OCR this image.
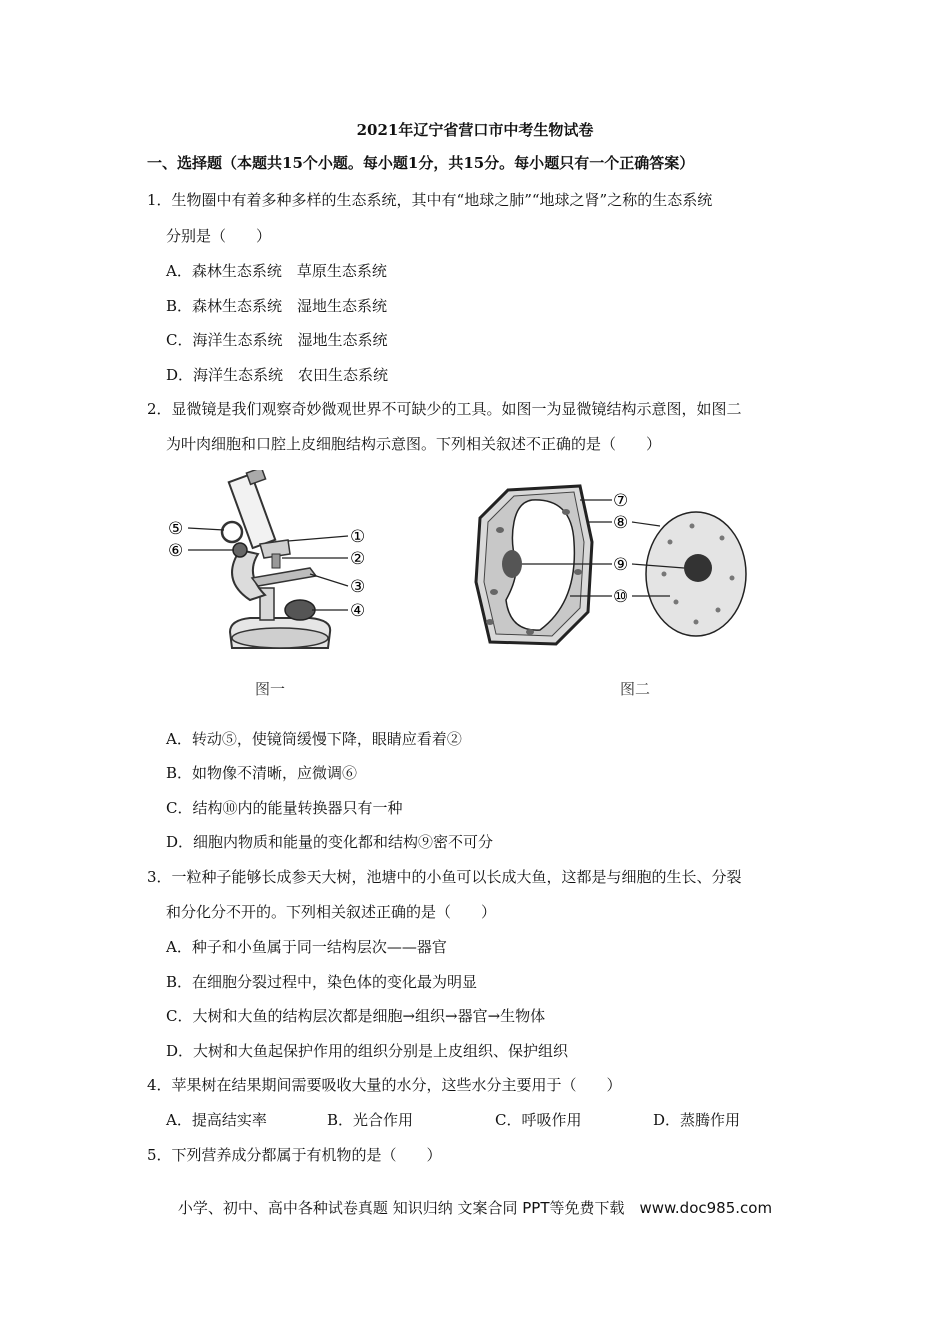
2021年辽宁省营口市中考生物试卷
一、选择题（本题共15个小题。每小题1分，共15分。每小题只有一个正确答案）
1．生物圈中有着多种多样的生态系统，其中有“地球之肺”“地球之肾”之称的生态系统
分别是（　　）
A．森林生态系统　草原生态系统
B．森林生态系统　湿地生态系统
C．海洋生态系统　湿地生态系统
D．海洋生态系统　农田生态系统
2．显微镜是我们观察奇妙微观世界不可缺少的工具。如图一为显微镜结构示意图，如图二
为叶肉细胞和口腔上皮细胞结构示意图。下列相关叙述不正确的是（　　）
⑤
⑥
①
②
③
④
图一
⑦
⑧
⑨
⑩
图二
A．转动⑤，使镜筒缓慢下降，眼睛应看着②
B．如物像不清晰，应微调⑥
C．结构⑩内的能量转换器只有一种
D．细胞内物质和能量的变化都和结构⑨密不可分
3．一粒种子能够长成参天大树，池塘中的小鱼可以长成大鱼，这都是与细胞的生长、分裂
和分化分不开的。下列相关叙述正确的是（　　）
A．种子和小鱼属于同一结构层次——器官
B．在细胞分裂过程中，染色体的变化最为明显
C．大树和大鱼的结构层次都是细胞→组织→器官→生物体
D．大树和大鱼起保护作用的组织分别是上皮组织、保护组织
4．苹果树在结果期间需要吸收大量的水分，这些水分主要用于（　　）
A．提高结实率	B．光合作用	C．呼吸作用	D．蒸腾作用
5．下列营养成分都属于有机物的是（　　）
小学、初中、高中各种试卷真题 知识归纳 文案合同 PPT等免费下载　www.doc985.com
